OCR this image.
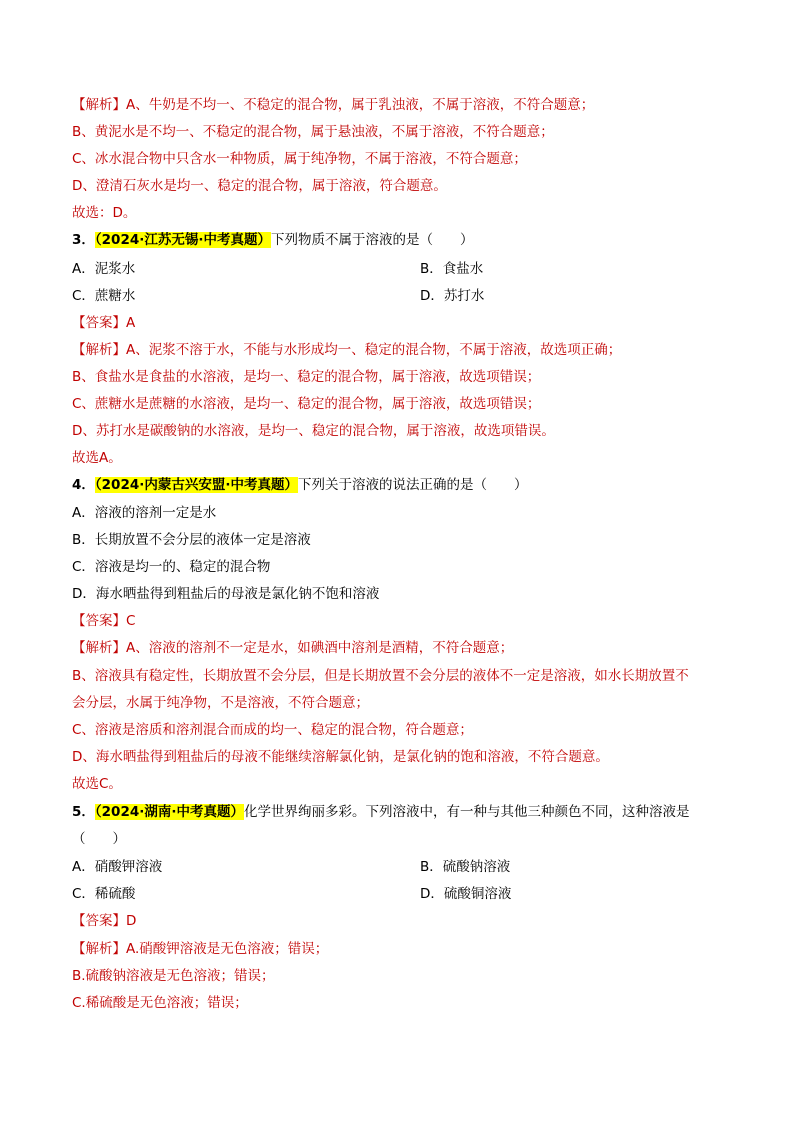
【解析】A、牛奶是不均一、不稳定的混合物，属于乳浊液，不属于溶液，不符合题意；
B、黄泥水是不均一、不稳定的混合物，属于悬浊液，不属于溶液，不符合题意；
C、冰水混合物中只含水一种物质，属于纯净物，不属于溶液，不符合题意；
D、澄清石灰水是均一、稳定的混合物，属于溶液，符合题意。
故选：D。
3．（2024·江苏无锡·中考真题）下列物质不属于溶液的是（　　）
A．泥浆水	B．食盐水
C．蔗糖水	D．苏打水
【答案】A
【解析】A、泥浆不溶于水，不能与水形成均一、稳定的混合物，不属于溶液，故选项正确；
B、食盐水是食盐的水溶液，是均一、稳定的混合物，属于溶液，故选项错误；
C、蔗糖水是蔗糖的水溶液，是均一、稳定的混合物，属于溶液，故选项错误；
D、苏打水是碳酸钠的水溶液，是均一、稳定的混合物，属于溶液，故选项错误。
故选A。
4．（2024·内蒙古兴安盟·中考真题）下列关于溶液的说法正确的是（　　）
A．溶液的溶剂一定是水
B．长期放置不会分层的液体一定是溶液
C．溶液是均一的、稳定的混合物
D．海水晒盐得到粗盐后的母液是氯化钠不饱和溶液
【答案】C
【解析】A、溶液的溶剂不一定是水，如碘酒中溶剂是酒精，不符合题意；
B、溶液具有稳定性，长期放置不会分层，但是长期放置不会分层的液体不一定是溶液，如水长期放置不
会分层，水属于纯净物，不是溶液，不符合题意；
C、溶液是溶质和溶剂混合而成的均一、稳定的混合物，符合题意；
D、海水晒盐得到粗盐后的母液不能继续溶解氯化钠，是氯化钠的饱和溶液，不符合题意。
故选C。
5．（2024·湖南·中考真题）化学世界绚丽多彩。下列溶液中，有一种与其他三种颜色不同，这种溶液是
（　　）
A．硝酸钾溶液	B．硫酸钠溶液
C．稀硫酸	D．硫酸铜溶液
【答案】D
【解析】A.硝酸钾溶液是无色溶液；错误；
B.硫酸钠溶液是无色溶液；错误；
C.稀硫酸是无色溶液；错误；
